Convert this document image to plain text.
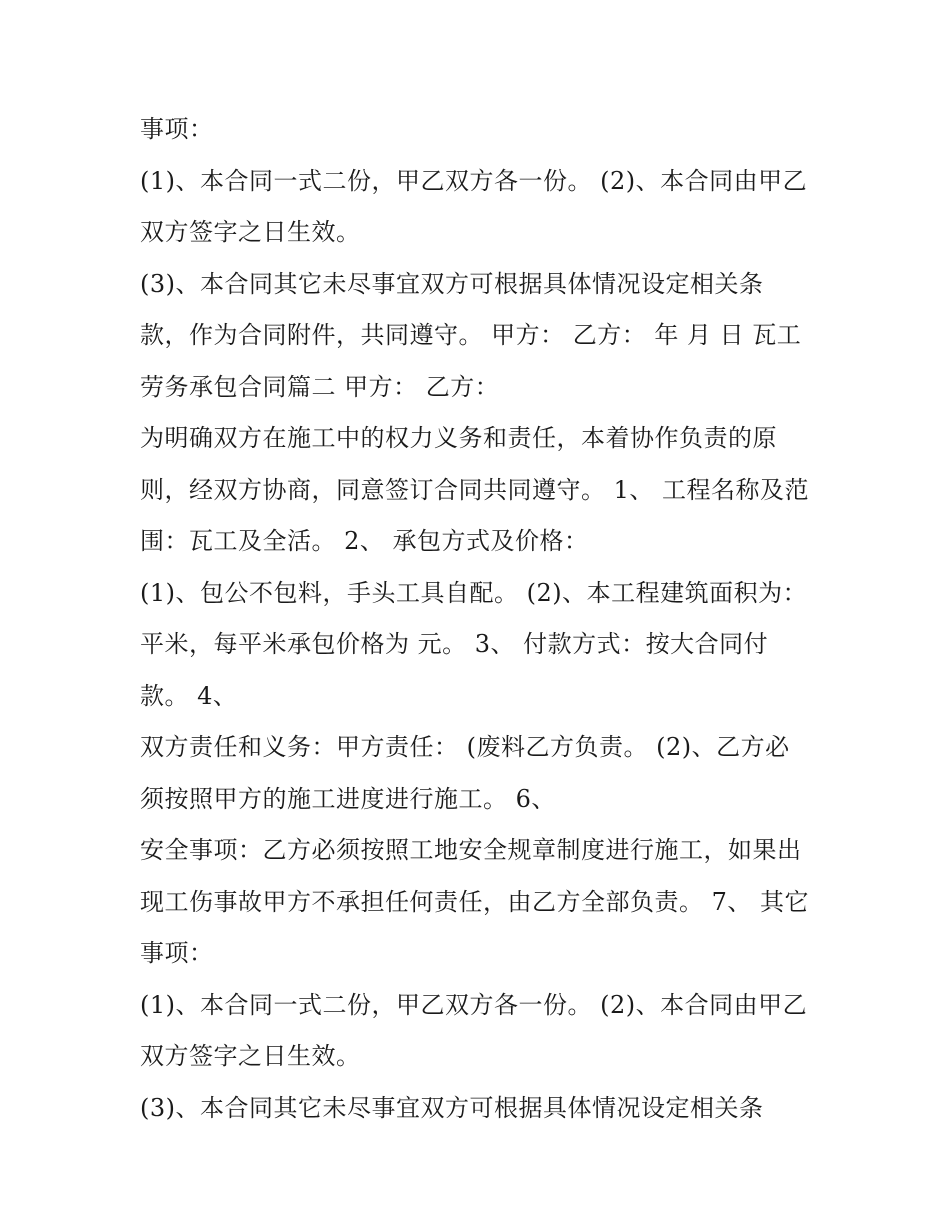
事项：
(1)、本合同一式二份，甲乙双方各一份。 (2)、本合同由甲乙
双方签字之日生效。
(3)、本合同其它未尽事宜双方可根据具体情况设定相关条
款，作为合同附件，共同遵守。 甲方： 乙方： 年 月 日 瓦工
劳务承包合同篇二 甲方： 乙方：
为明确双方在施工中的权力义务和责任，本着协作负责的原
则，经双方协商，同意签订合同共同遵守。 1、 工程名称及范
围：瓦工及全活。 2、 承包方式及价格：
(1)、包公不包料，手头工具自配。 (2)、本工程建筑面积为：
平米，每平米承包价格为 元。 3、 付款方式：按大合同付
款。 4、
双方责任和义务：甲方责任： (废料乙方负责。 (2)、乙方必
须按照甲方的施工进度进行施工。 6、
安全事项：乙方必须按照工地安全规章制度进行施工，如果出
现工伤事故甲方不承担任何责任，由乙方全部负责。 7、 其它
事项：
(1)、本合同一式二份，甲乙双方各一份。 (2)、本合同由甲乙
双方签字之日生效。
(3)、本合同其它未尽事宜双方可根据具体情况设定相关条
